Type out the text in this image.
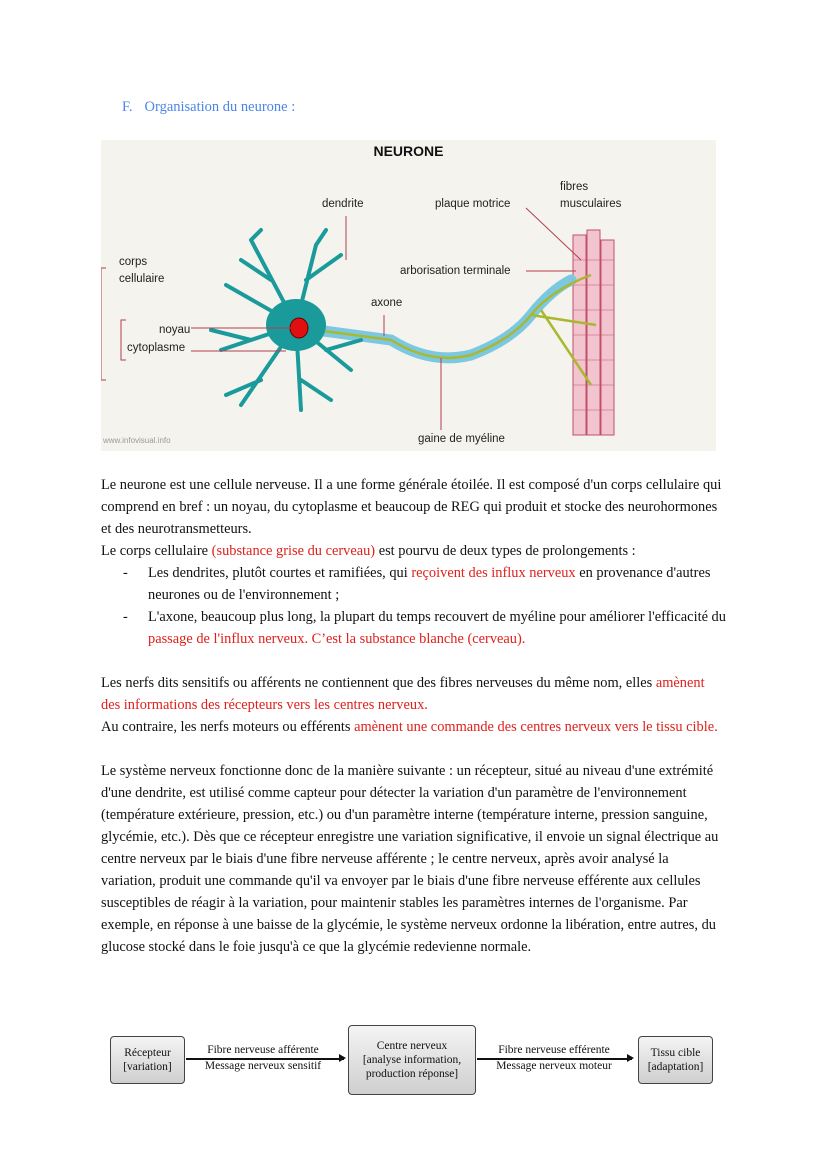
F. Organisation du neurone :
NEURONE
dendrite	plaque motrice
fibres
musculaires
corps
cellulaire
arborisation terminale
axone
noyau
cytoplasme
gaine de myéline
www.infovisual.info

Le neurone est une cellule nerveuse. Il a une forme générale étoilée. Il est composé d'un corps cellulaire qui comprend en bref : un noyau, du cytoplasme et beaucoup de REG qui produit et stocke des neurohormones et des neurotransmetteurs.

Le corps cellulaire (substance grise du cerveau) est pourvu de deux types de prolongements :

- Les dendrites, plutôt courtes et ramifiées, qui reçoivent des influx nerveux en provenance d'autres neurones ou de l'environnement ;
- L'axone, beaucoup plus long, la plupart du temps recouvert de myéline pour améliorer l'efficacité du passage de l'influx nerveux. C’est la substance blanche (cerveau).

Les nerfs dits sensitifs ou afférents ne contiennent que des fibres nerveuses du même nom, elles amènent des informations des récepteurs vers les centres nerveux.

Au contraire, les nerfs moteurs ou efférents amènent une commande des centres nerveux vers le tissu cible.

Le système nerveux fonctionne donc de la manière suivante : un récepteur, situé au niveau d'une extrémité d'une dendrite, est utilisé comme capteur pour détecter la variation d'un paramètre de l'environnement (température extérieure, pression, etc.) ou d'un paramètre interne (température interne, pression sanguine, glycémie, etc.). Dès que ce récepteur enregistre une variation significative, il envoie un signal électrique au centre nerveux par le biais d'une fibre nerveuse afférente ; le centre nerveux, après avoir analysé la variation, produit une commande qu'il va envoyer par le biais d'une fibre nerveuse efférente aux cellules susceptibles de réagir à la variation, pour maintenir stables les paramètres internes de l'organisme. Par exemple, en réponse à une baisse de la glycémie, le système nerveux ordonne la libération, entre autres, du glucose stocké dans le foie jusqu'à ce que la glycémie redevienne normale.

Récepteur
[variation]
Fibre nerveuse afférente
Message nerveux sensitif
Centre nerveux
[analyse information,
production réponse]
Fibre nerveuse efférente
Message nerveux moteur
Tissu cible
[adaptation]
